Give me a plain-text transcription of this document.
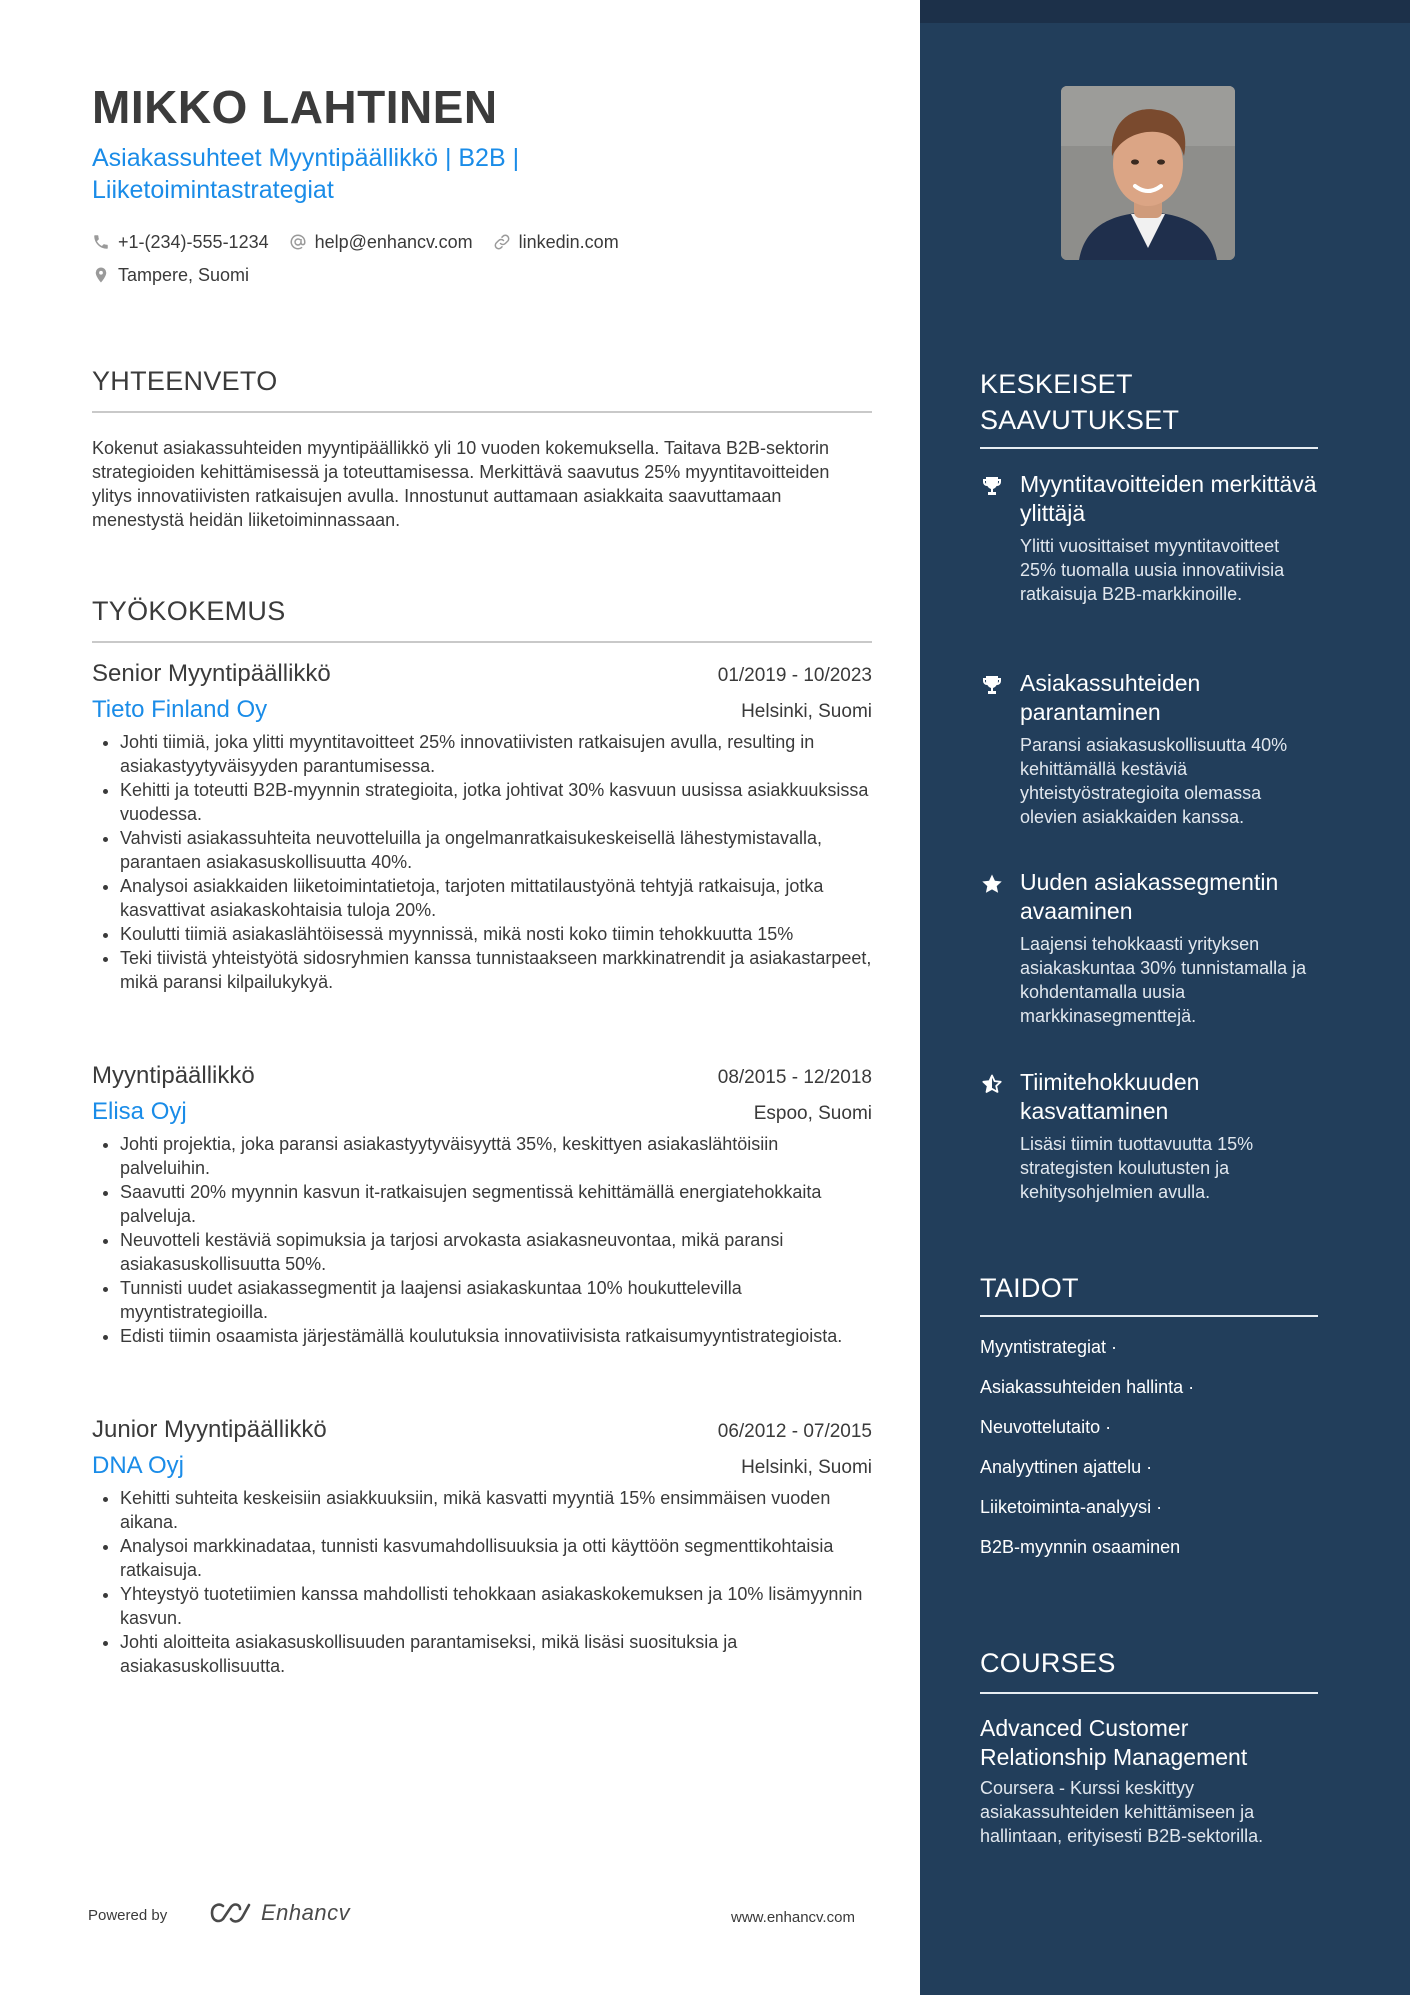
MIKKO LAHTINEN
Asiakassuhteet Myyntipäällikkö | B2B | Liiketoimintastrategiat
+1-(234)-555-1234	help@enhancv.com	linkedin.com
Tampere, Suomi
YHTEENVETO
Kokenut asiakassuhteiden myyntipäällikkö yli 10 vuoden kokemuksella. Taitava B2B-sektorin strategioiden kehittämisessä ja toteuttamisessa. Merkittävä saavutus 25% myyntitavoitteiden ylitys innovatiivisten ratkaisujen avulla. Innostunut auttamaan asiakkaita saavuttamaan menestystä heidän liiketoiminnassaan.
TYÖKOKEMUS
Senior Myyntipäällikkö	01/2019 - 10/2023
Tieto Finland Oy	Helsinki, Suomi
• Johti tiimiä, joka ylitti myyntitavoitteet 25% innovatiivisten ratkaisujen avulla, resulting in asiakastyytyväisyyden parantumisessa.
• Kehitti ja toteutti B2B-myynnin strategioita, jotka johtivat 30% kasvuun uusissa asiakkuuksissa vuodessa.
• Vahvisti asiakassuhteita neuvotteluilla ja ongelmanratkaisukeskeisellä lähestymistavalla, parantaen asiakasuskollisuutta 40%.
• Analysoi asiakkaiden liiketoimintatietoja, tarjoten mittatilaustyönä tehtyjä ratkaisuja, jotka kasvattivat asiakaskohtaisia tuloja 20%.
• Koulutti tiimiä asiakaslähtöisessä myynnissä, mikä nosti koko tiimin tehokkuutta 15%
• Teki tiivistä yhteistyötä sidosryhmien kanssa tunnistaakseen markkinatrendit ja asiakastarpeet, mikä paransi kilpailukykyä.
Myyntipäällikkö	08/2015 - 12/2018
Elisa Oyj	Espoo, Suomi
• Johti projektia, joka paransi asiakastyytyväisyyttä 35%, keskittyen asiakaslähtöisiin palveluihin.
• Saavutti 20% myynnin kasvun it-ratkaisujen segmentissä kehittämällä energiatehokkaita palveluja.
• Neuvotteli kestäviä sopimuksia ja tarjosi arvokasta asiakasneuvontaa, mikä paransi asiakasuskollisuutta 50%.
• Tunnisti uudet asiakassegmentit ja laajensi asiakaskuntaa 10% houkuttelevilla myyntistrategioilla.
• Edisti tiimin osaamista järjestämällä koulutuksia innovatiivisista ratkaisumyyntistrategioista.
Junior Myyntipäällikkö	06/2012 - 07/2015
DNA Oyj	Helsinki, Suomi
• Kehitti suhteita keskeisiin asiakkuuksiin, mikä kasvatti myyntiä 15% ensimmäisen vuoden aikana.
• Analysoi markkinadataa, tunnisti kasvumahdollisuuksia ja otti käyttöön segmenttikohtaisia ratkaisuja.
• Yhteystyö tuotetiimien kanssa mahdollisti tehokkaan asiakaskokemuksen ja 10% lisämyynnin kasvun.
• Johti aloitteita asiakasuskollisuuden parantamiseksi, mikä lisäsi suosituksia ja asiakasuskollisuutta.
Powered by	Enhancv	www.enhancv.com
KESKEISET SAAVUTUKSET
Myyntitavoitteiden merkittävä ylittäjä
Ylitti vuosittaiset myyntitavoitteet 25% tuomalla uusia innovatiivisia ratkaisuja B2B-markkinoille.
Asiakassuhteiden parantaminen
Paransi asiakasuskollisuutta 40% kehittämällä kestäviä yhteistyöstrategioita olemassa olevien asiakkaiden kanssa.
Uuden asiakassegmentin avaaminen
Laajensi tehokkaasti yrityksen asiakaskuntaa 30% tunnistamalla ja kohdentamalla uusia markkinasegmenttejä.
Tiimitehokkuuden kasvattaminen
Lisäsi tiimin tuottavuutta 15% strategisten koulutusten ja kehitysohjelmien avulla.
TAIDOT
Myyntistrategiat ·
Asiakassuhteiden hallinta ·
Neuvottelutaito ·
Analyyttinen ajattelu ·
Liiketoiminta-analyysi ·
B2B-myynnin osaaminen
COURSES
Advanced Customer Relationship Management
Coursera - Kurssi keskittyy asiakassuhteiden kehittämiseen ja hallintaan, erityisesti B2B-sektorilla.
